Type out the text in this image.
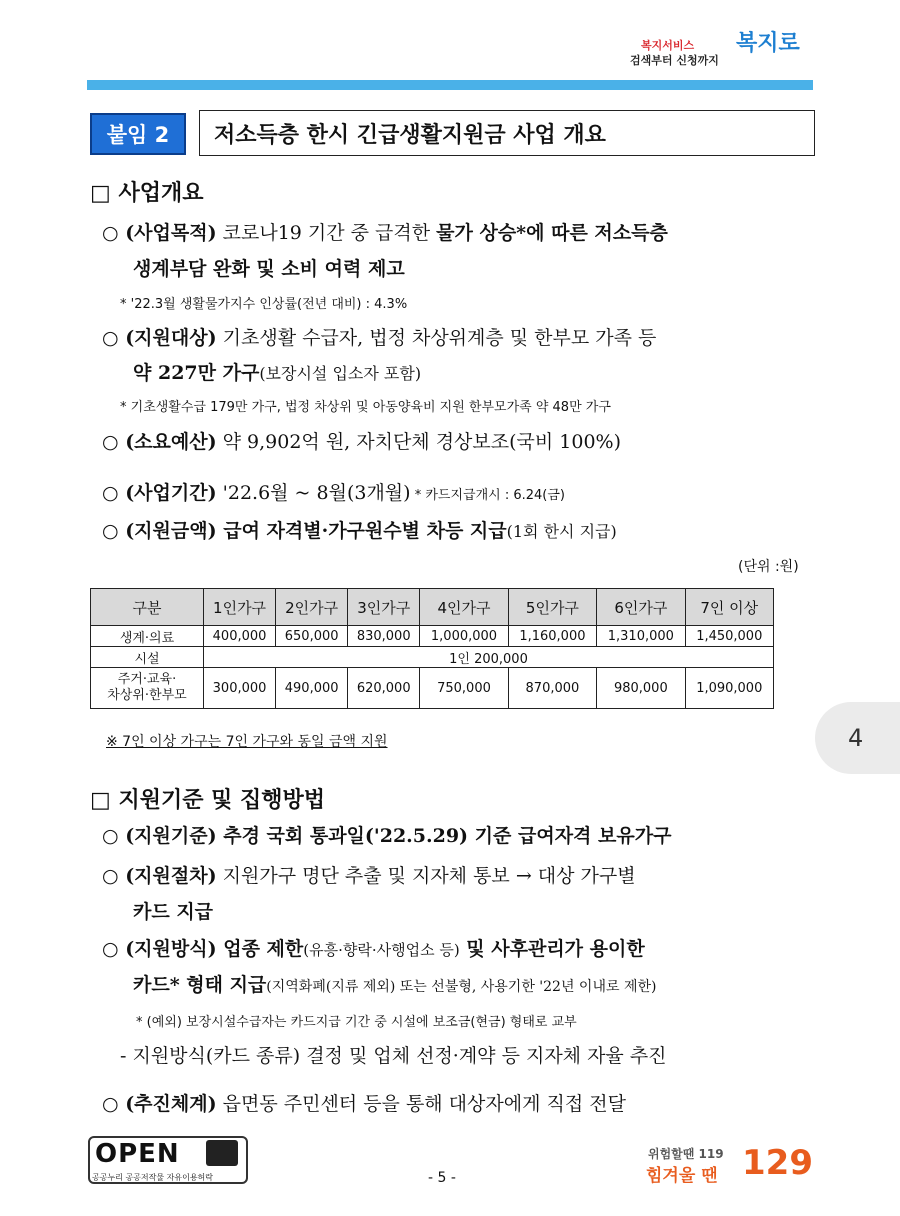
복지서비스
검색부터 신청까지
복지로
붙임 2	저소득층 한시 긴급생활지원금 사업 개요
□ 사업개요
○ (사업목적) 코로나19 기간 중 급격한 물가 상승*에 따른 저소득층
생계부담 완화 및 소비 여력 제고
* '22.3월 생활물가지수 인상률(전년 대비) : 4.3%
○ (지원대상) 기초생활 수급자, 법정 차상위계층 및 한부모 가족 등
약 227만 가구(보장시설 입소자 포함)
* 기초생활수급 179만 가구, 법정 차상위 및 아동양육비 지원 한부모가족 약 48만 가구
○ (소요예산) 약 9,902억 원, 자치단체 경상보조(국비 100%)
○ (사업기간) '22.6월 ~ 8월(3개월) * 카드지급개시 : 6.24(금)
○ (지원금액) 급여 자격별·가구원수별 차등 지급(1회 한시 지급)
(단위 :원)
구분	1인가구	2인가구	3인가구	4인가구	5인가구	6인가구	7인 이상
생계·의료	400,000	650,000	830,000	1,000,000	1,160,000	1,310,000	1,450,000
시설	1인 200,000						
주거·교육·
차상위·한부모	300,000	490,000	620,000	750,000	870,000	980,000	1,090,000
※ 7인 이상 가구는 7인 가구와 동일 금액 지원	4
□ 지원기준 및 집행방법
○ (지원기준) 추경 국회 통과일('22.5.29) 기준 급여자격 보유가구
○ (지원절차) 지원가구 명단 추출 및 지자체 통보 → 대상 가구별
카드 지급
○ (지원방식) 업종 제한(유흥·향락·사행업소 등) 및 사후관리가 용이한
카드* 형태 지급(지역화폐(지류 제외) 또는 선불형, 사용기한 '22년 이내로 제한)
* (예외) 보장시설수급자는 카드지급 기간 중 시설에 보조금(현금) 형태로 교부
- 지원방식(카드 종류) 결정 및 업체 선정·계약 등 지자체 자율 추진
○ (추진체계) 읍면동 주민센터 등을 통해 대상자에게 직접 전달
OPEN
공공누리 공공저작물 자유이용허락	- 5 -
위험할땐 119
힘겨울 땐 129
